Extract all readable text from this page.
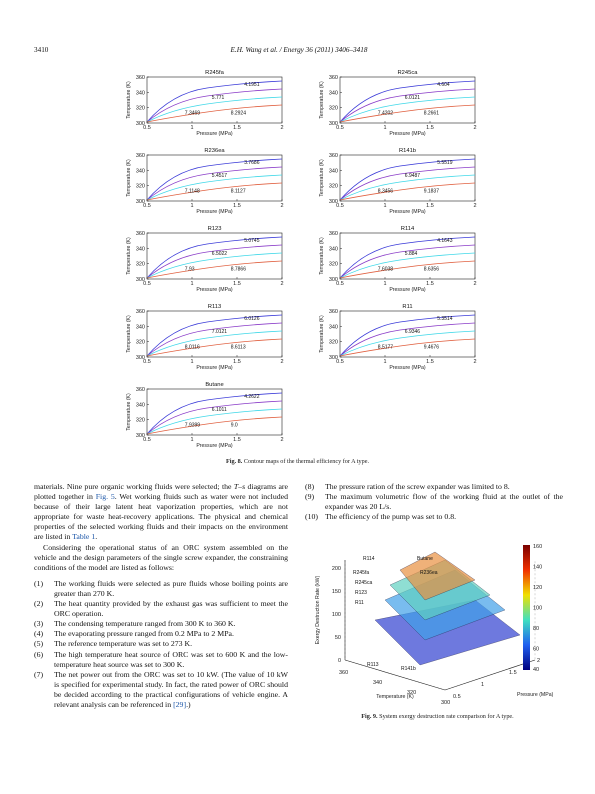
3410	E.H. Wang et al. / Energy 36 (2011) 3406–3418
R245fa
4.1951
5.771
7.3469	8.2924
0.5	1	1.5	2
300
320
340
360
Pressure (MPa)
Temperature (K)
R245ca
4.604
6.0121
7.4202	8.2661
0.5	1	1.5	2
300
320
340
360
Pressure (MPa)
Temperature (K)
R236ea
3.7686
5.4517
7.1148	8.1127
0.5	1	1.5	2
300
320
340
360
Pressure (MPa)
Temperature (K)
R141b
5.5519
6.9487
8.3456	9.1837
0.5	1	1.5	2
300
320
340
360
Pressure (MPa)
Temperature (K)
R123
5.0745
6.5022
7.93	8.7866
0.5	1	1.5	2
300
320
340
360
Pressure (MPa)
Temperature (K)
R114
4.1643
5.884
7.6038	8.6356
0.5	1	1.5	2
300
320
340
360
Pressure (MPa)
Temperature (K)
R113
6.0126
7.0121
8.0116	8.6113
0.5	1	1.5	2
300
320
340
360
Pressure (MPa)
Temperature (K)
R11
5.3514
6.9346
8.5177	9.4676
0.5	1	1.5	2
300
320
340
360
Pressure (MPa)
Temperature (K)
Butane
4.2622
6.1011
7.9399	9.0
0.5	1	1.5	2
300
320
340
360
Pressure (MPa)
Temperature (K)
Fig. 8. Contour maps of the thermal efficiency for A type.

materials. Nine pure organic working fluids were selected; the T–s diagrams are plotted together in Fig. 5. Wet working fluids such as water were not included because of their large latent heat vaporization properties, which are not appropriate for waste heat-recovery applications. The physical and chemical properties of the selected working fluids and their impacts on the environment are listed in Table 1.

Considering the operational status of an ORC system assembled on the vehicle and the design parameters of the single screw expander, the constraining conditions of the model are listed as follows:

(1) The working fluids were selected as pure fluids whose boiling points are greater than 270 K.
(2) The heat quantity provided by the exhaust gas was sufficient to meet the ORC operation.
(3) The condensing temperature ranged from 300 K to 360 K.
(4) The evaporating pressure ranged from 0.2 MPa to 2 MPa.
(5) The reference temperature was set to 273 K.
(6) The high temperature heat source of ORC was set to 600 K and the low-temperature heat source was set to 300 K.
(7) The net power out from the ORC was set to 10 kW. (The value of 10 kW is specified for experimental study. In fact, the rated power of ORC should be decided according to the practical configurations of vehicle engine. A relevant analysis can be referenced in [29].)
(8) The pressure ration of the screw expander was limited to 8.
(9) The maximum volumetric flow of the working fluid at the outlet of the expander was 20 L/s.
(10) The efficiency of the pump was set to 0.8.
0
50
100
150
200
360
340
320
300
0.5
1
1.5
2
Temperature (K)	Pressure (MPa)
Exergy Destruction Rate (kW)
R114	Butane
R245fa	R236ea
R245ca
R123
R11
R113
R141b
160
140
120
100
80
60
40
Fig. 9. System exergy destruction rate comparison for A type.
